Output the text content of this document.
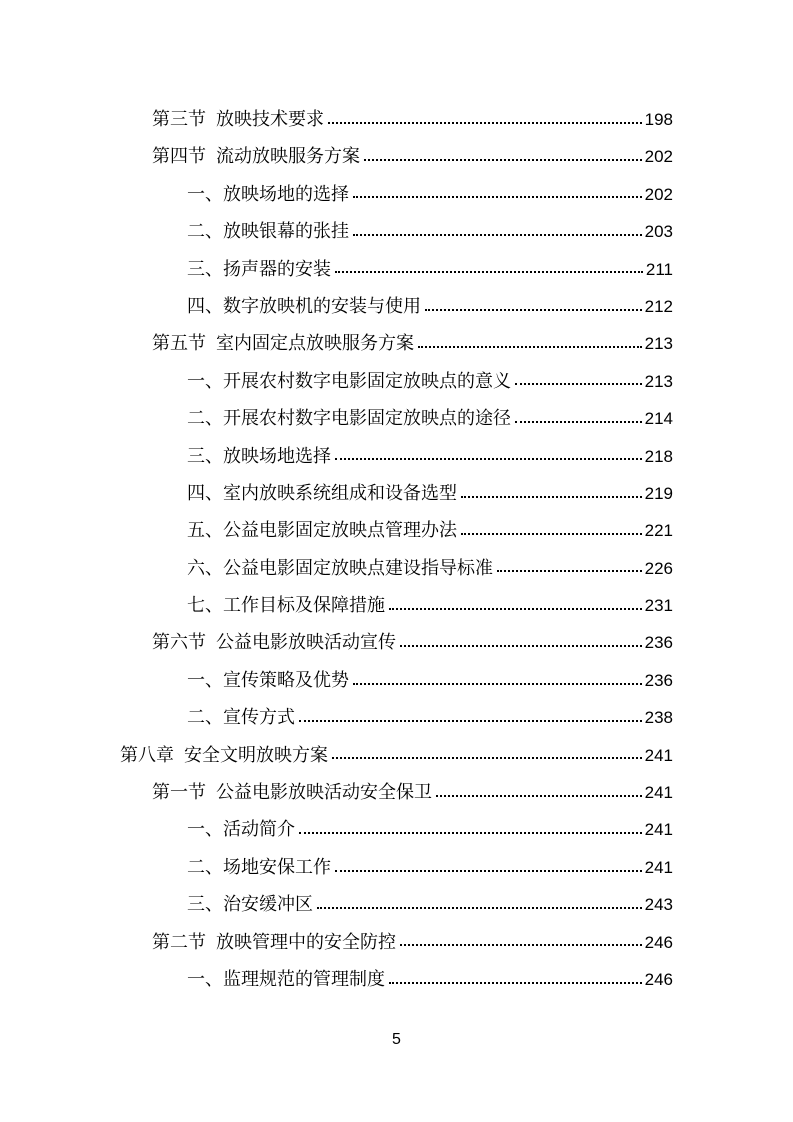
第三节 放映技术要求	198
第四节 流动放映服务方案	202
一、放映场地的选择	202
二、放映银幕的张挂	203
三、扬声器的安装	211
四、数字放映机的安装与使用	212
第五节 室内固定点放映服务方案	213
一、开展农村数字电影固定放映点的意义	213
二、开展农村数字电影固定放映点的途径	214
三、放映场地选择	218
四、室内放映系统组成和设备选型	219
五、公益电影固定放映点管理办法	221
六、公益电影固定放映点建设指导标准	226
七、工作目标及保障措施	231
第六节 公益电影放映活动宣传	236
一、宣传策略及优势	236
二、宣传方式	238
第八章 安全文明放映方案	241
第一节 公益电影放映活动安全保卫	241
一、活动简介	241
二、场地安保工作	241
三、治安缓冲区	243
第二节 放映管理中的安全防控	246
一、监理规范的管理制度	246
5
